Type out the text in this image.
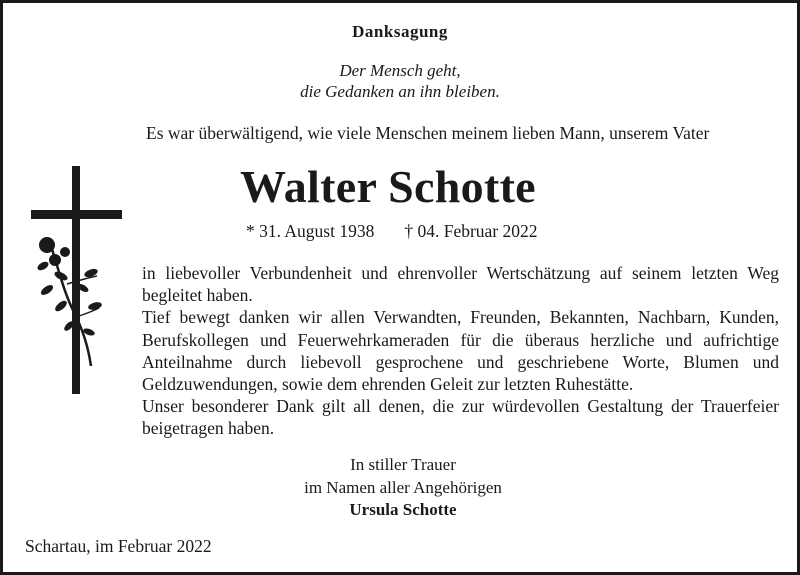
Danksagung
Der Mensch geht,
die Gedanken an ihn bleiben.
Es war überwältigend, wie viele Menschen meinem lieben Mann, unserem Vater
Walter Schotte
* 31. August 1938 † 04. Februar 2022

in liebevoller Verbundenheit und ehrenvoller Wertschätzung auf seinem letzten Weg begleitet haben.

Tief bewegt danken wir allen Verwandten, Freunden, Bekannten, Nachbarn, Kunden, Berufskollegen und Feuerwehrkameraden für die überaus herzliche und aufrichtige Anteilnahme durch liebevoll gesprochene und geschriebene Worte, Blumen und Geldzuwendungen, sowie dem ehrenden Geleit zur letzten Ruhestätte.

Unser besonderer Dank gilt all denen, die zur würdevollen Gestaltung der Trauerfeier beigetragen haben.

In stiller Trauer
im Namen aller Angehörigen
Ursula Schotte
Schartau, im Februar 2022
